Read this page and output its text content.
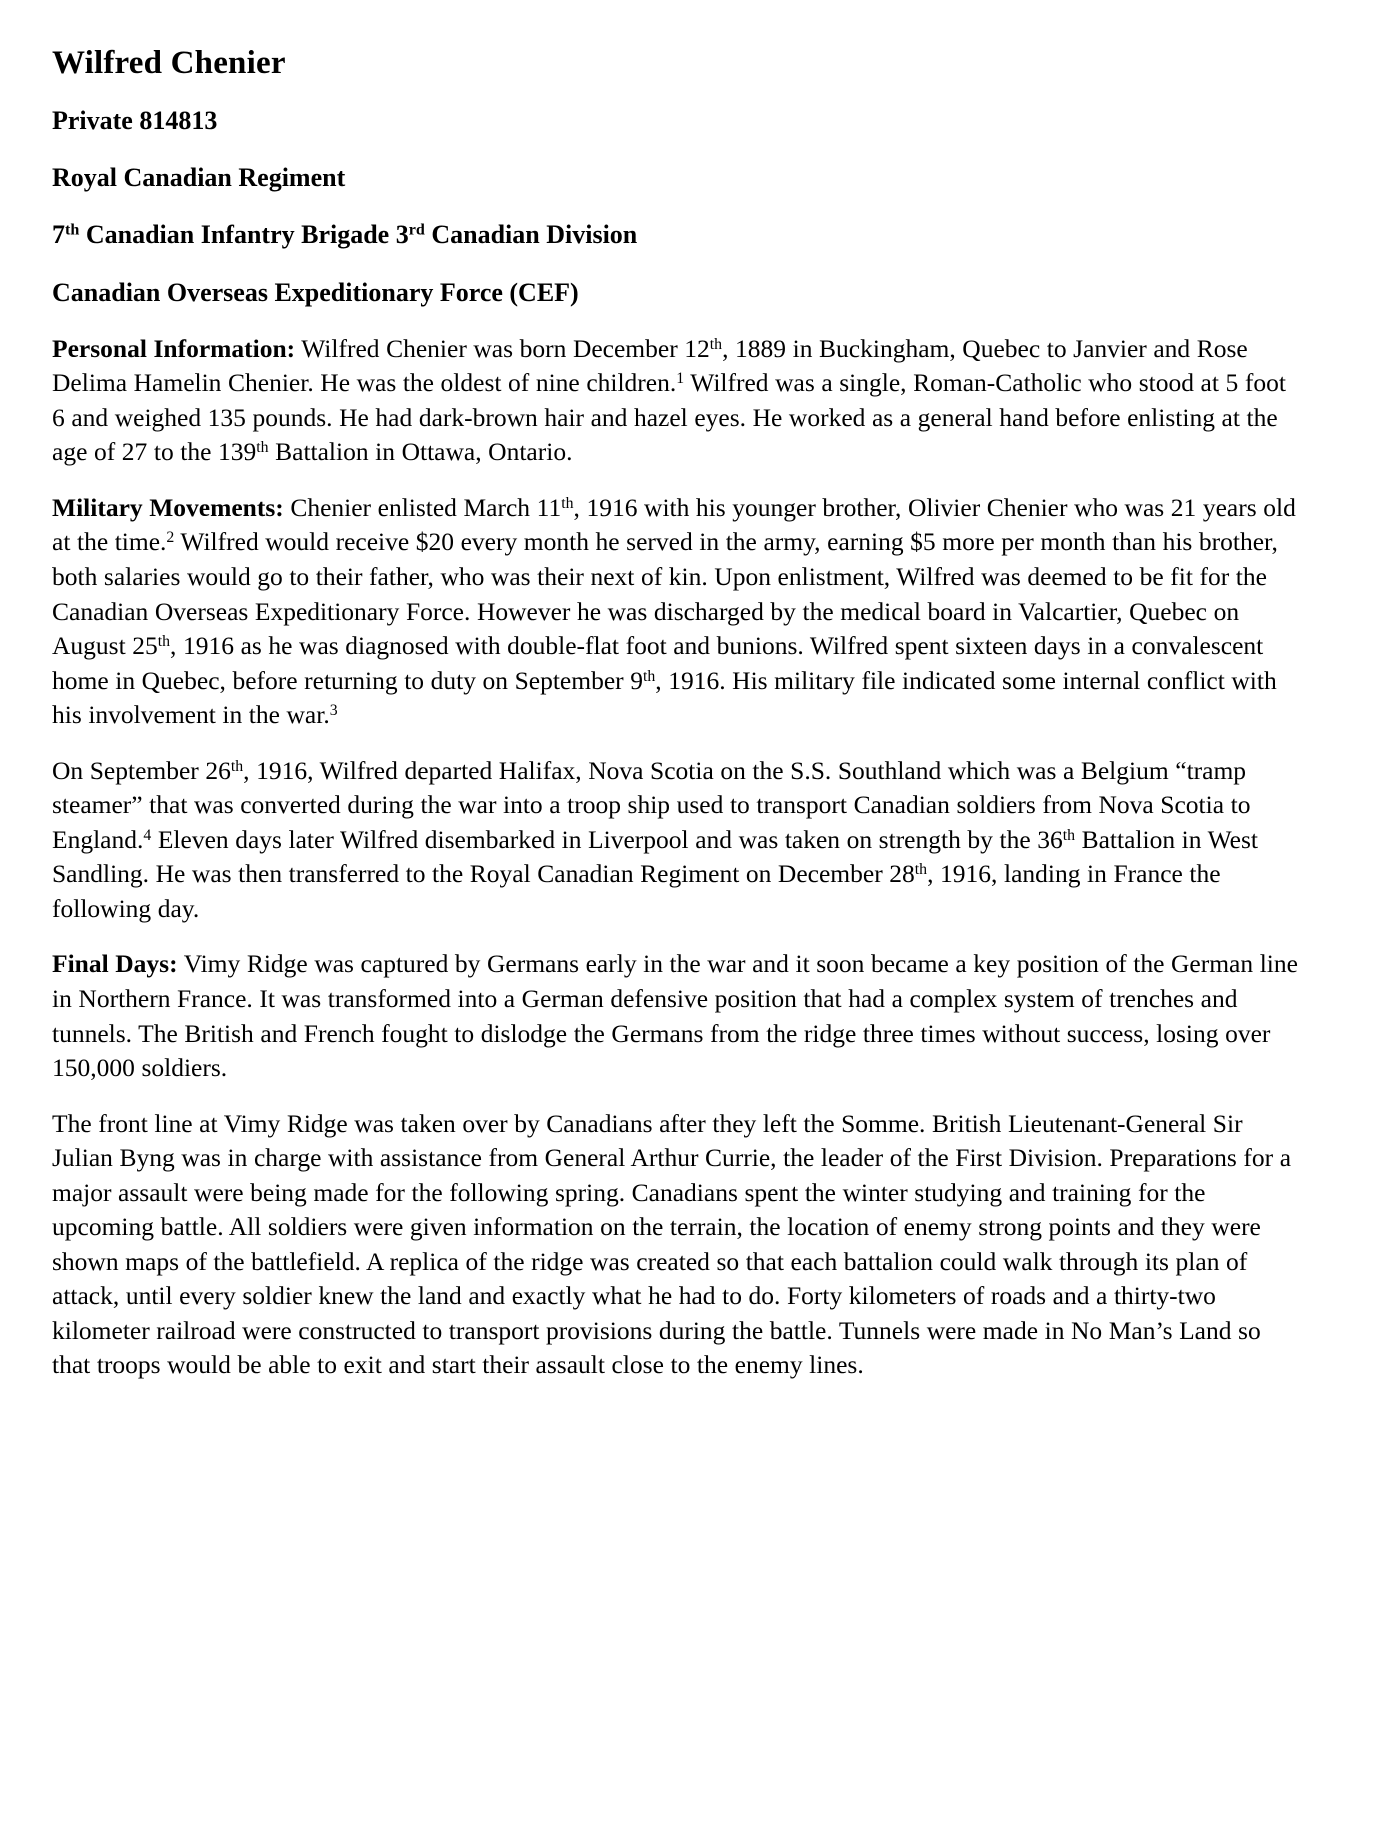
Wilfred Chenier
Private 814813
Royal Canadian Regiment
7th Canadian Infantry Brigade 3rd Canadian Division
Canadian Overseas Expeditionary Force (CEF)

Personal Information: Wilfred Chenier was born December 12th, 1889 in Buckingham, Quebec to Janvier and Rose Delima Hamelin Chenier. He was the oldest of nine children.$^1$ Wilfred was a single, Roman-Catholic who stood at 5 foot 6 and weighed 135 pounds. He had dark-brown hair and hazel eyes. He worked as a general hand before enlisting at the age of 27 to the 139th Battalion in Ottawa, Ontario.

Military Movements: Chenier enlisted March 11th, 1916 with his younger brother, Olivier Chenier who was 21 years old at the time.$^2$ Wilfred would receive $20 every month he served in the army, earning $5 more per month than his brother, both salaries would go to their father, who was their next of kin. Upon enlistment, Wilfred was deemed to be fit for the Canadian Overseas Expeditionary Force. However he was discharged by the medical board in Valcartier, Quebec on August 25th, 1916 as he was diagnosed with double-flat foot and bunions. Wilfred spent sixteen days in a convalescent home in Quebec, before returning to duty on September 9th, 1916. His military file indicated some internal conflict with his involvement in the war.$^3$

On September 26th, 1916, Wilfred departed Halifax, Nova Scotia on the S.S. Southland which was a Belgium “tramp steamer” that was converted during the war into a troop ship used to transport Canadian soldiers from Nova Scotia to England.$^4$ Eleven days later Wilfred disembarked in Liverpool and was taken on strength by the 36th Battalion in West Sandling. He was then transferred to the Royal Canadian Regiment on December 28th, 1916, landing in France the following day.

Final Days: Vimy Ridge was captured by Germans early in the war and it soon became a key position of the German line in Northern France. It was transformed into a German defensive position that had a complex system of trenches and tunnels. The British and French fought to dislodge the Germans from the ridge three times without success, losing over 150,000 soldiers.

The front line at Vimy Ridge was taken over by Canadians after they left the Somme. British Lieutenant-General Sir Julian Byng was in charge with assistance from General Arthur Currie, the leader of the First Division. Preparations for a major assault were being made for the following spring. Canadians spent the winter studying and training for the upcoming battle. All soldiers were given information on the terrain, the location of enemy strong points and they were shown maps of the battlefield. A replica of the ridge was created so that each battalion could walk through its plan of attack, until every soldier knew the land and exactly what he had to do. Forty kilometers of roads and a thirty-two kilometer railroad were constructed to transport provisions during the battle. Tunnels were made in No Man’s Land so that troops would be able to exit and start their assault close to the enemy lines.
